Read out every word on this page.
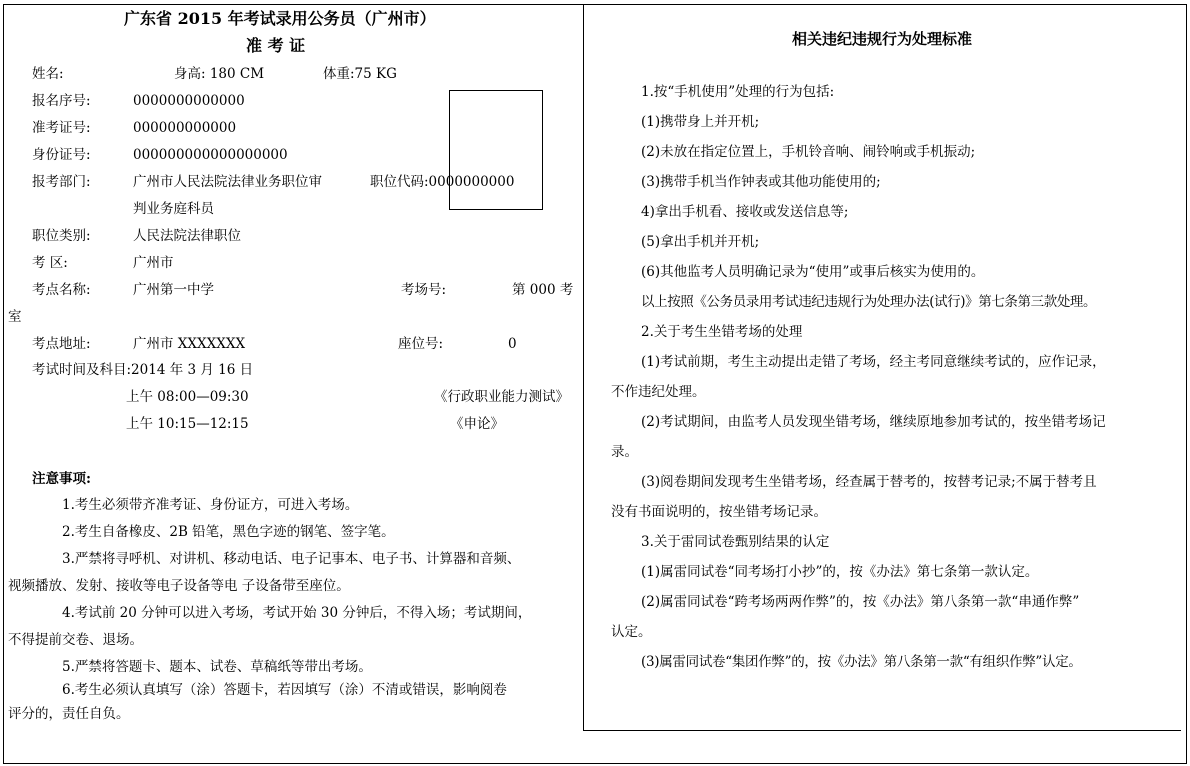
广东省 2015 年考试录用公务员（广州市）
准 考 证
姓名:	身高: 180 CM	体重:75 KG
报名序号:	0000000000000
准考证号:	000000000000
身份证号:	000000000000000000
报考部门:	广州市人民法院法律业务职位审	职位代码:0000000000
判业务庭科员
职位类别:	人民法院法律职位
考 区:	广州市
考点名称:	广州第一中学	考场号:	第 000 考
室
考点地址:	广州市 XXXXXXX	座位号:	0
考试时间及科目:2014 年 3 月 16 日
上午 08:00—09:30	《行政职业能力测试》
上午 10:15—12:15	《申论》
注意事项:
1.考生必须带齐准考证、身份证方，可进入考场。
2.考生自备橡皮、2B 铅笔，黑色字迹的钢笔、签字笔。
3.严禁将寻呼机、对讲机、移动电话、电子记事本、电子书、计算器和音频、
视频播放、发射、接收等电子设备等电 子设备带至座位。
4.考试前 20 分钟可以进入考场，考试开始 30 分钟后，不得入场；考试期间，
不得提前交卷、退场。
5.严禁将答题卡、题本、试卷、草稿纸等带出考场。
6.考生必须认真填写（涂）答题卡，若因填写（涂）不清或错误，影响阅卷
评分的，责任自负。
相关违纪违规行为处理标准
1.按“手机使用”处理的行为包括:
(1)携带身上并开机;
(2)未放在指定位置上，手机铃音响、闹铃响或手机振动;
(3)携带手机当作钟表或其他功能使用的;
4)拿出手机看、接收或发送信息等;
(5)拿出手机并开机;
(6)其他监考人员明确记录为“使用”或事后核实为使用的。
以上按照《公务员录用考试违纪违规行为处理办法(试行)》第七条第三款处理。
2.关于考生坐错考场的处理
(1)考试前期，考生主动提出走错了考场，经主考同意继续考试的，应作记录，
不作违纪处理。
(2)考试期间，由监考人员发现坐错考场，继续原地参加考试的，按坐错考场记
录。
(3)阅卷期间发现考生坐错考场，经查属于替考的，按替考记录;不属于替考且
没有书面说明的，按坐错考场记录。
3.关于雷同试卷甄别结果的认定
(1)属雷同试卷“同考场打小抄”的，按《办法》第七条第一款认定。
(2)属雷同试卷“跨考场两两作弊”的，按《办法》第八条第一款“串通作弊”
认定。
(3)属雷同试卷“集团作弊”的，按《办法》第八条第一款“有组织作弊”认定。
